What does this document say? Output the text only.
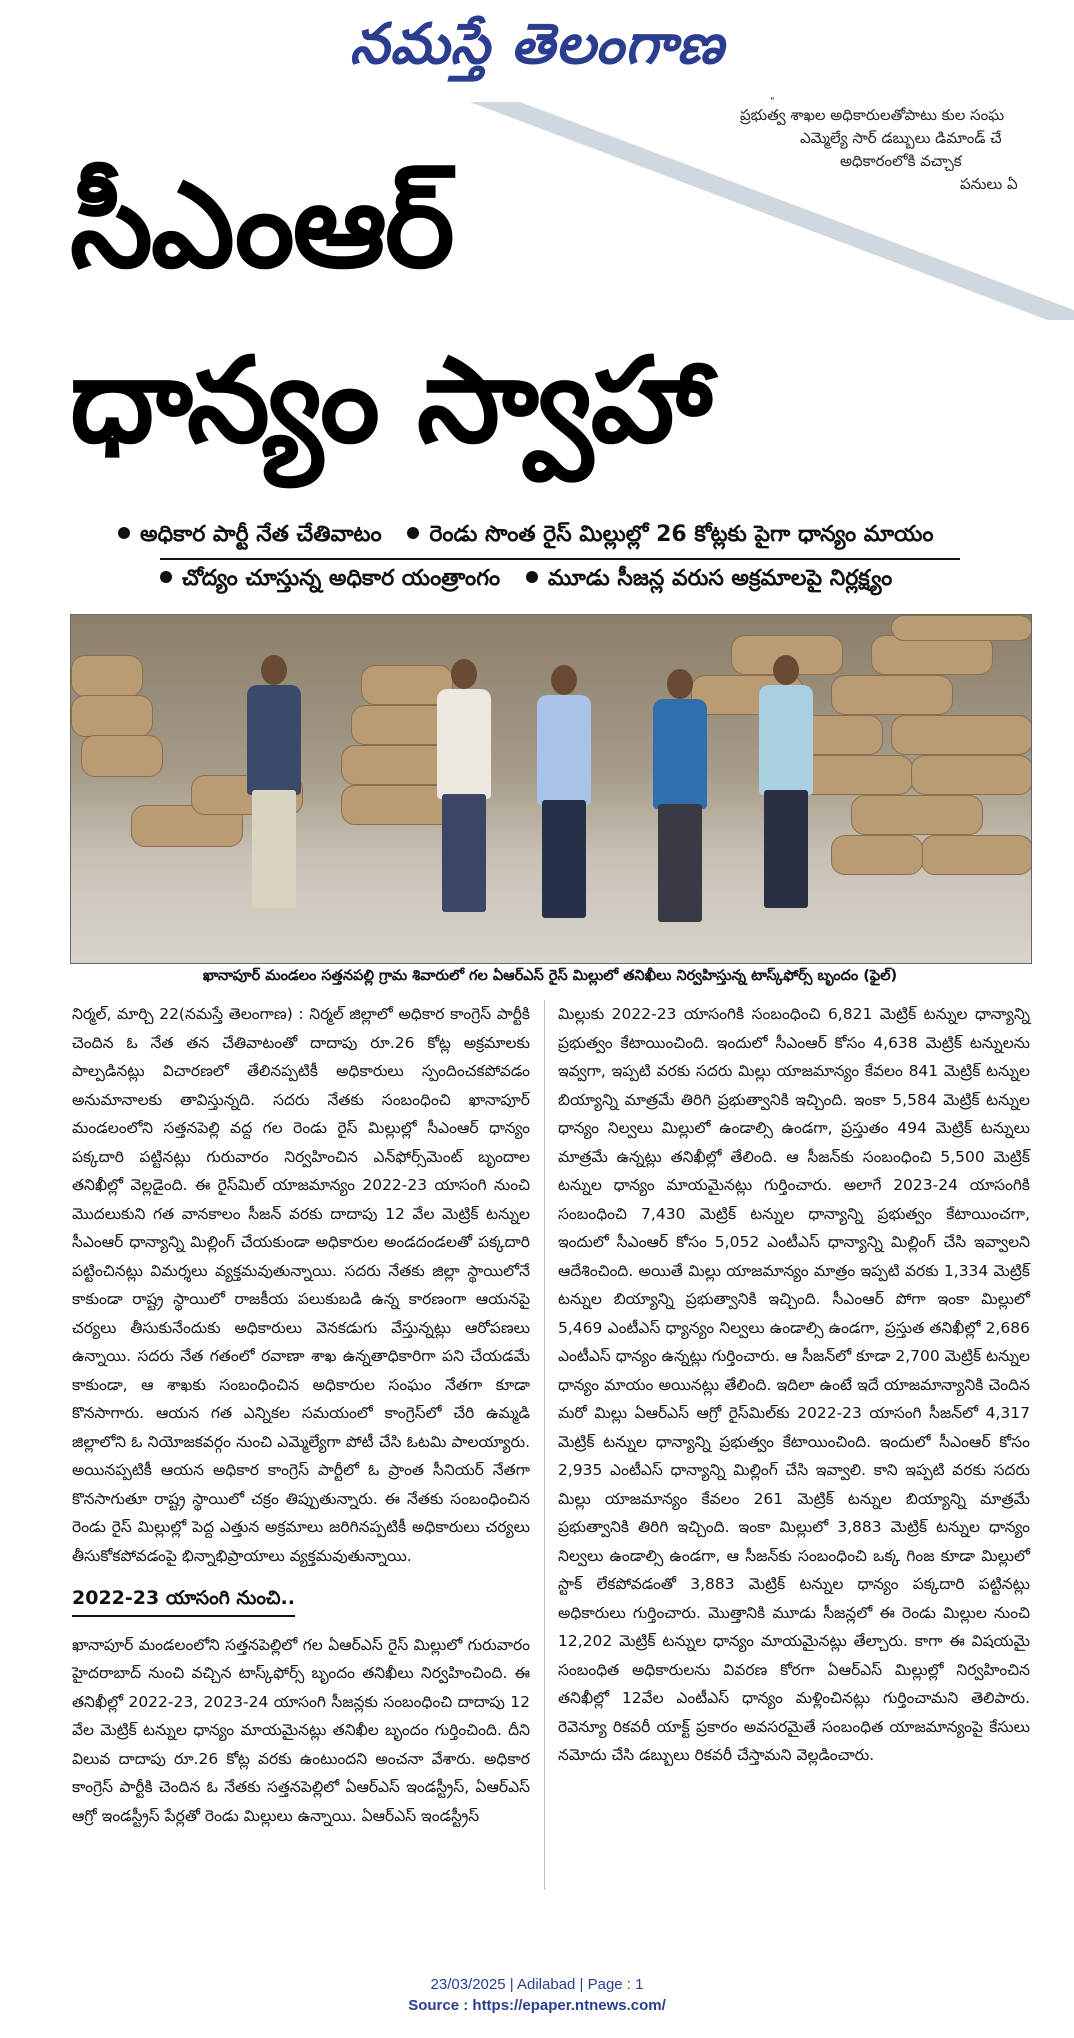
నమస్తే తెలంగాణ
"
ప్రభుత్వ శాఖల అధికారులతోపాటు కుల సంఘ
ఎమ్మెల్యే సార్ డబ్బులు డిమాండ్ చే
అధికారంలోకి వచ్చాక
పనులు ఏ
సీఎంఆర్
ధాన్యం స్వాహా
అధికార పార్టీ నేత చేతివాటం రెండు సొంత రైస్ మిల్లుల్లో 26 కోట్లకు పైగా ధాన్యం మాయం
చోద్యం చూస్తున్న అధికార యంత్రాంగం మూడు సీజన్ల వరుస అక్రమాలపై నిర్లక్ష్యం
ఖానాపూర్ మండలం సత్తనపల్లి గ్రామ శివారులో గల ఏఆర్ఎస్ రైస్ మిల్లులో తనిఖీలు నిర్వహిస్తున్న టాస్క్‌ఫోర్స్ బృందం (ఫైల్)

నిర్మల్, మార్చి 22(నమస్తే తెలంగాణ) : నిర్మల్ జిల్లాలో అధికార కాంగ్రెస్ పార్టీకి చెందిన ఓ నేత తన చేతివాటంతో దాదాపు రూ.26 కోట్ల అక్రమాలకు పాల్పడినట్లు విచారణలో తేలినప్పటికీ అధికారులు స్పందించకపోవడం అనుమానాలకు తావిస్తున్నది. సదరు నేతకు సంబంధించి ఖానాపూర్ మండలంలోని సత్తనపెల్లి వద్ద గల రెండు రైస్ మిల్లుల్లో సీఎంఆర్ ధాన్యం పక్కదారి పట్టినట్లు గురువారం నిర్వహించిన ఎన్‌ఫోర్స్‌మెంట్ బృందాల తనిఖీల్లో వెల్లడైంది. ఈ రైస్‌మిల్ యాజమాన్యం 2022-23 యాసంగి నుంచి మొదలుకుని గత వానకాలం సీజన్ వరకు దాదాపు 12 వేల మెట్రిక్ టన్నుల సీఎంఆర్ ధాన్యాన్ని మిల్లింగ్ చేయకుండా అధికారుల అండదండలతో పక్కదారి పట్టించినట్లు విమర్శలు వ్యక్తమవుతున్నాయి. సదరు నేతకు జిల్లా స్థాయిలోనే కాకుండా రాష్ట్ర స్థాయిలో రాజకీయ పలుకుబడి ఉన్న కారణంగా ఆయనపై చర్యలు తీసుకునేందుకు అధికారులు వెనకడుగు వేస్తున్నట్లు ఆరోపణలు ఉన్నాయి. సదరు నేత గతంలో రవాణా శాఖ ఉన్నతాధికారిగా పని చేయడమే కాకుండా, ఆ శాఖకు సంబంధించిన అధికారుల సంఘం నేతగా కూడా కొనసాగారు. ఆయన గత ఎన్నికల సమయంలో కాంగ్రెస్‌లో చేరి ఉమ్మడి జిల్లాలోని ఓ నియోజకవర్గం నుంచి ఎమ్మెల్యేగా పోటీ చేసి ఓటమి పాలయ్యారు. అయినప్పటికీ ఆయన అధికార కాంగ్రెస్ పార్టీలో ఓ ప్రాంత సీనియర్ నేతగా కొనసాగుతూ రాష్ట్ర స్థాయిలో చక్రం తిప్పుతున్నారు. ఈ నేతకు సంబంధించిన రెండు రైస్ మిల్లుల్లో పెద్ద ఎత్తున అక్రమాలు జరిగినప్పటికీ అధికారులు చర్యలు తీసుకోకపోవడంపై భిన్నాభిప్రాయాలు వ్యక్తమవుతున్నాయి.

2022-23 యాసంగి నుంచి..

ఖానాపూర్ మండలంలోని సత్తనపెల్లిలో గల ఏఆర్ఎస్ రైస్ మిల్లులో గురువారం హైదరాబాద్ నుంచి వచ్చిన టాస్క్‌ఫోర్స్ బృందం తనిఖీలు నిర్వహించింది. ఈ తనిఖీల్లో 2022-23, 2023-24 యాసంగి సీజన్లకు సంబంధించి దాదాపు 12 వేల మెట్రిక్ టన్నుల ధాన్యం మాయమైనట్లు తనిఖీల బృందం గుర్తించింది. దీని విలువ దాదాపు రూ.26 కోట్ల వరకు ఉంటుందని అంచనా వేశారు. అధికార కాంగ్రెస్ పార్టీకి చెందిన ఓ నేతకు సత్తనపెల్లిలో ఏఆర్ఎస్ ఇండస్ట్రీస్, ఏఆర్ఎస్ ఆగ్రో ఇండస్ట్రీస్ పేర్లతో రెండు మిల్లులు ఉన్నాయి. ఏఆర్ఎస్ ఇండస్ట్రీస్

మిల్లుకు 2022-23 యాసంగికి సంబంధించి 6,821 మెట్రిక్ టన్నుల ధాన్యాన్ని ప్రభుత్వం కేటాయించింది. ఇందులో సీఎంఆర్ కోసం 4,638 మెట్రిక్ టన్నులను ఇవ్వగా, ఇప్పటి వరకు సదరు మిల్లు యాజమాన్యం కేవలం 841 మెట్రిక్ టన్నుల బియ్యాన్ని మాత్రమే తిరిగి ప్రభుత్వానికి ఇచ్చింది. ఇంకా 5,584 మెట్రిక్ టన్నుల ధాన్యం నిల్వలు మిల్లులో ఉండాల్సి ఉండగా, ప్రస్తుతం 494 మెట్రిక్ టన్నులు మాత్రమే ఉన్నట్లు తనిఖీల్లో తేలింది. ఆ సీజన్‌కు సంబంధించి 5,500 మెట్రిక్ టన్నుల ధాన్యం మాయమైనట్లు గుర్తించారు. అలాగే 2023-24 యాసంగికి సంబంధించి 7,430 మెట్రిక్ టన్నుల ధాన్యాన్ని ప్రభుత్వం కేటాయించగా, ఇందులో సీఎంఆర్ కోసం 5,052 ఎంటీఎస్ ధాన్యాన్ని మిల్లింగ్ చేసి ఇవ్వాలని ఆదేశించింది. అయితే మిల్లు యాజమాన్యం మాత్రం ఇప్పటి వరకు 1,334 మెట్రిక్ టన్నుల బియ్యాన్ని ప్రభుత్వానికి ఇచ్చింది. సీఎంఆర్ పోగా ఇంకా మిల్లులో 5,469 ఎంటీఎస్ ధ్యాన్యం నిల్వలు ఉండాల్సి ఉండగా, ప్రస్తుత తనిఖీల్లో 2,686 ఎంటీఎస్ ధాన్యం ఉన్నట్లు గుర్తించారు. ఆ సీజన్‌లో కూడా 2,700 మెట్రిక్ టన్నుల ధాన్యం మాయం అయినట్లు తేలింది. ఇదిలా ఉంటే ఇదే యాజమాన్యానికి చెందిన మరో మిల్లు ఏఆర్ఎస్ ఆగ్రో రైస్‌మిల్‌కు 2022-23 యాసంగి సీజన్‌లో 4,317 మెట్రిక్ టన్నుల ధాన్యాన్ని ప్రభుత్వం కేటాయించింది. ఇందులో సీఎంఆర్ కోసం 2,935 ఎంటీఎస్ ధాన్యాన్ని మిల్లింగ్ చేసి ఇవ్వాలి. కాని ఇప్పటి వరకు సదరు మిల్లు యాజమాన్యం కేవలం 261 మెట్రిక్ టన్నుల బియ్యాన్ని మాత్రమే ప్రభుత్వానికి తిరిగి ఇచ్చింది. ఇంకా మిల్లులో 3,883 మెట్రిక్ టన్నుల ధాన్యం నిల్వలు ఉండాల్సి ఉండగా, ఆ సీజన్‌కు సంబంధించి ఒక్క గింజ కూడా మిల్లులో స్టాక్ లేకపోవడంతో 3,883 మెట్రిక్ టన్నుల ధాన్యం పక్కదారి పట్టినట్లు అధికారులు గుర్తించారు. మొత్తానికి మూడు సీజన్లలో ఈ రెండు మిల్లుల నుంచి 12,202 మెట్రిక్ టన్నుల ధాన్యం మాయమైనట్లు తేల్చారు. కాగా ఈ విషయమై సంబంధిత అధికారులను వివరణ కోరగా ఏఆర్ఎస్ మిల్లుల్లో నిర్వహించిన తనిఖీల్లో 12వేల ఎంటీఎస్ ధాన్యం మళ్లించినట్లు గుర్తించామని తెలిపారు. రెవెన్యూ రికవరీ యాక్ట్ ప్రకారం అవసరమైతే సంబంధిత యాజమాన్యంపై కేసులు నమోదు చేసి డబ్బులు రికవరీ చేస్తామని వెల్లడించారు.

23/03/2025 | Adilabad | Page : 1
Source : https://epaper.ntnews.com/
